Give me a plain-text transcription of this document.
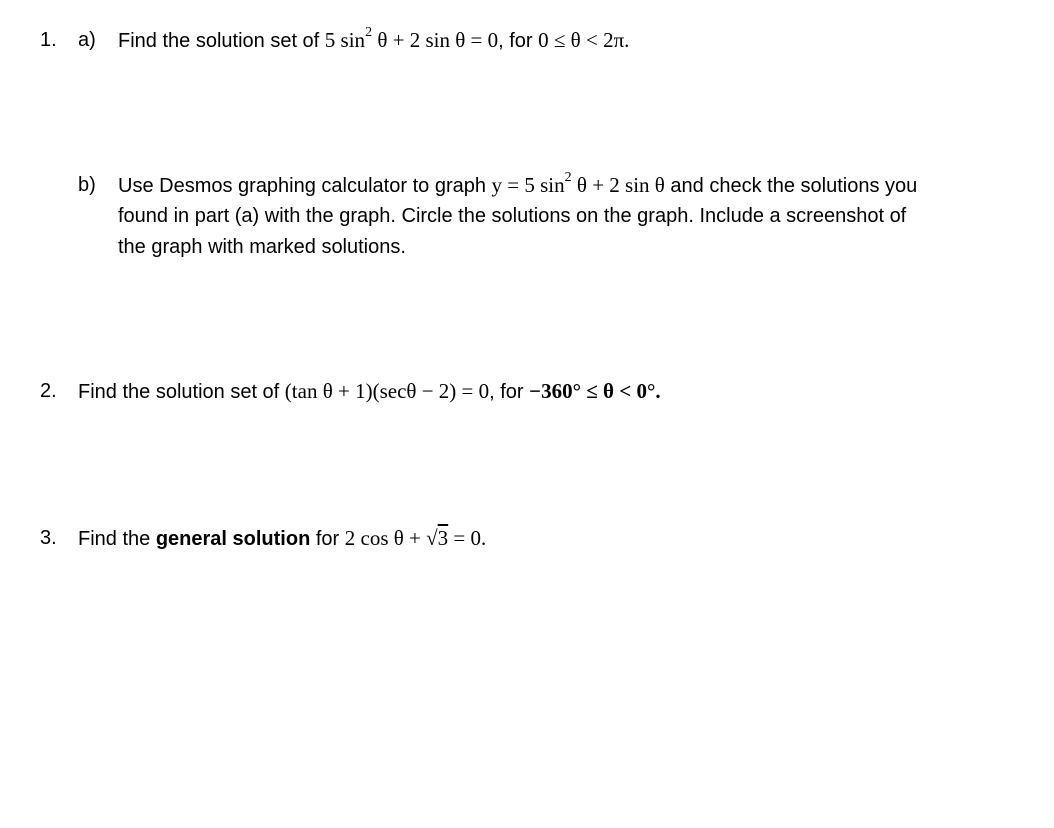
1. a) Find the solution set of 5 $\sin^2 \theta + 2$ sin θ = 0, for 0 ≤ θ < 2π.
b) Use Desmos graphing calculator to graph y = 5 $\sin^2 \theta + 2$ sin θ and check the solutions you
found in part (a) with the graph. Circle the solutions on the graph. Include a screenshot of
the graph with marked solutions.
2. Find the solution set of (tan θ + 1)(secθ − 2) = 0, for −360° ≤ θ < 0°.
3. Find the general solution for 2 cos θ + √3 = 0.
